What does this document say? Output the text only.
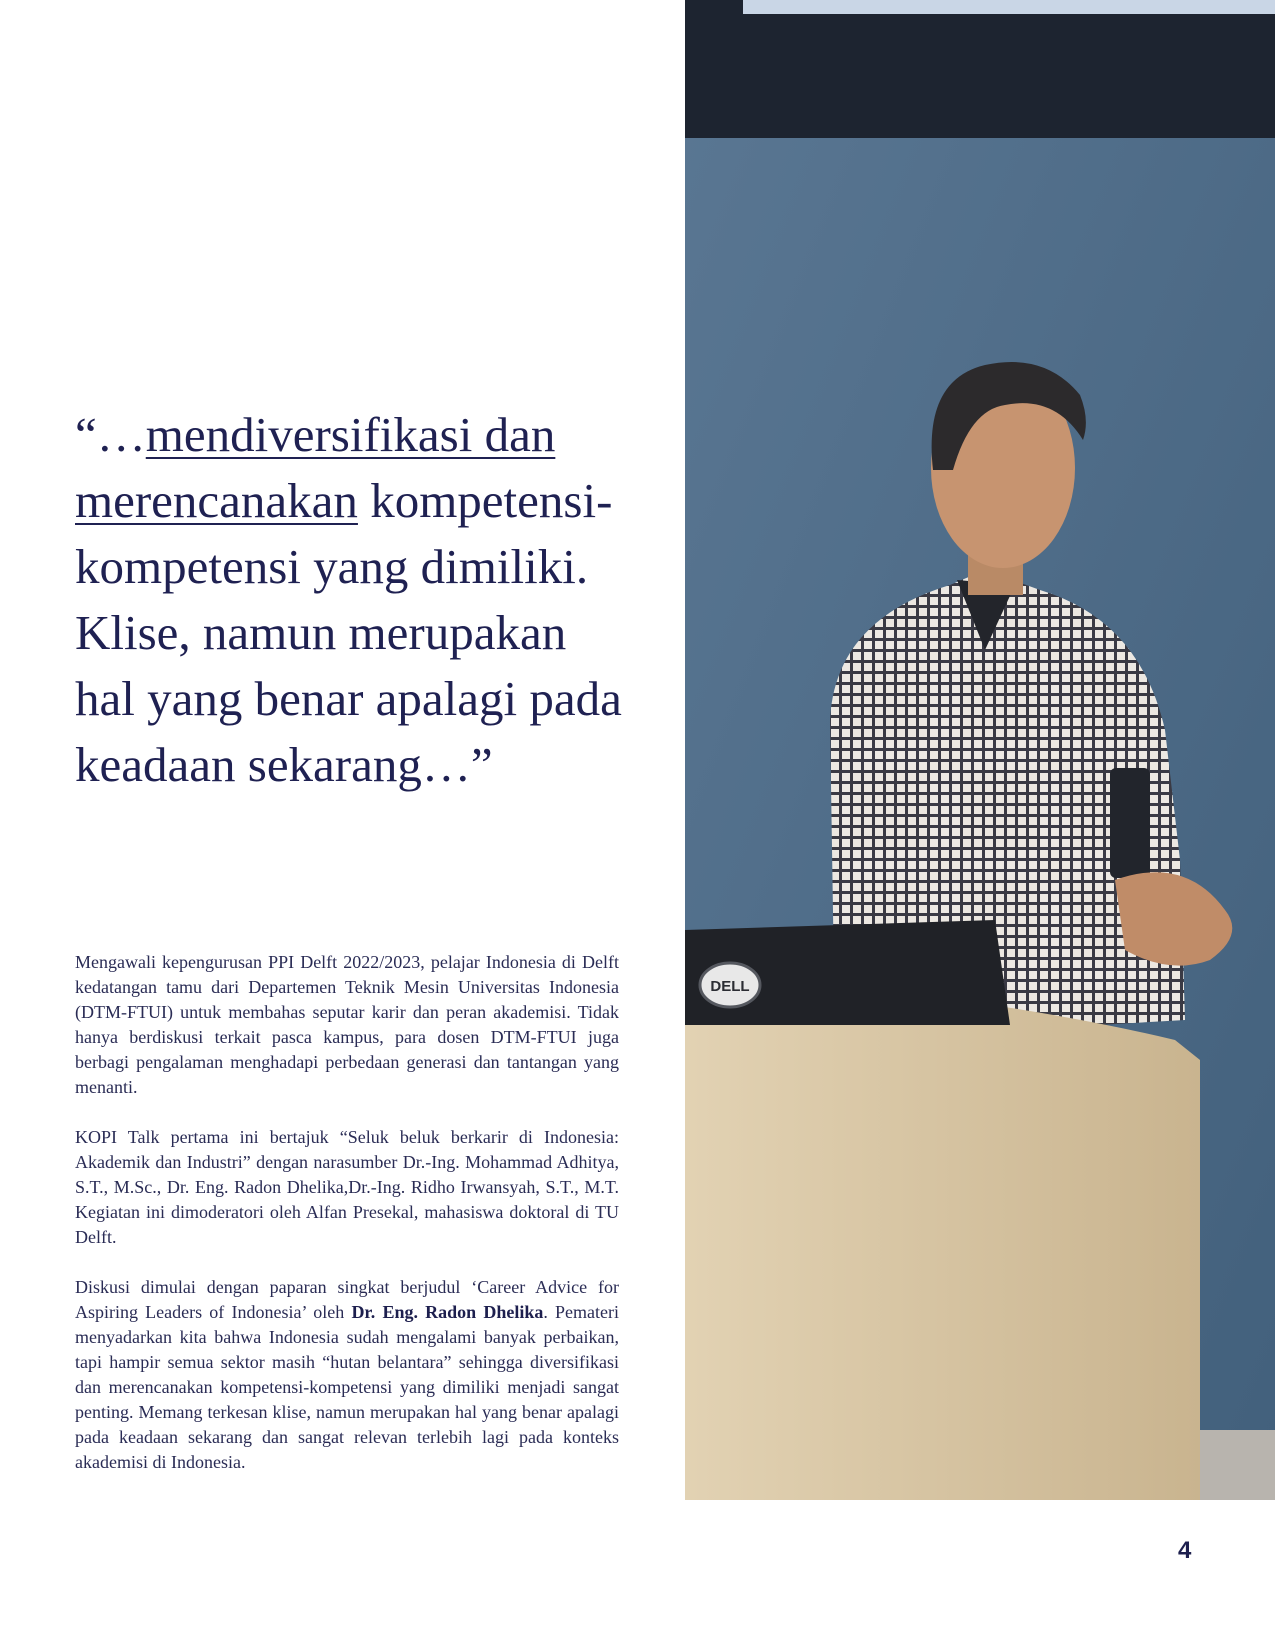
“…mendiversifikasi dan merencanakan kompetensi-kompetensi yang dimiliki. Klise, namun merupakan hal yang benar apalagi pada keadaan sekarang…”

Mengawali kepengurusan PPI Delft 2022/2023, pelajar Indonesia di Delft kedatangan tamu dari Departemen Teknik Mesin Universitas Indonesia (DTM-FTUI) untuk membahas seputar karir dan peran akademisi. Tidak hanya berdiskusi terkait pasca kampus, para dosen DTM-FTUI juga berbagi pengalaman menghadapi perbedaan generasi dan tantangan yang menanti.

KOPI Talk pertama ini bertajuk “Seluk beluk berkarir di Indonesia: Akademik dan Industri” dengan narasumber Dr.-Ing. Mohammad Adhitya, S.T., M.Sc., Dr. Eng. Radon Dhelika,Dr.-Ing. Ridho Irwansyah, S.T., M.T. Kegiatan ini dimoderatori oleh Alfan Presekal, mahasiswa doktoral di TU Delft.

Diskusi dimulai dengan paparan singkat berjudul ‘Career Advice for Aspiring Leaders of Indonesia’ oleh Dr. Eng. Radon Dhelika. Pemateri menyadarkan kita bahwa Indonesia sudah mengalami banyak perbaikan, tapi hampir semua sektor masih “hutan belantara” sehingga diversifikasi dan merencanakan kompetensi-kompetensi yang dimiliki menjadi sangat penting. Memang terkesan klise, namun merupakan hal yang benar apalagi pada keadaan sekarang dan sangat relevan terlebih lagi pada konteks akademisi di Indonesia.

DELL
4
